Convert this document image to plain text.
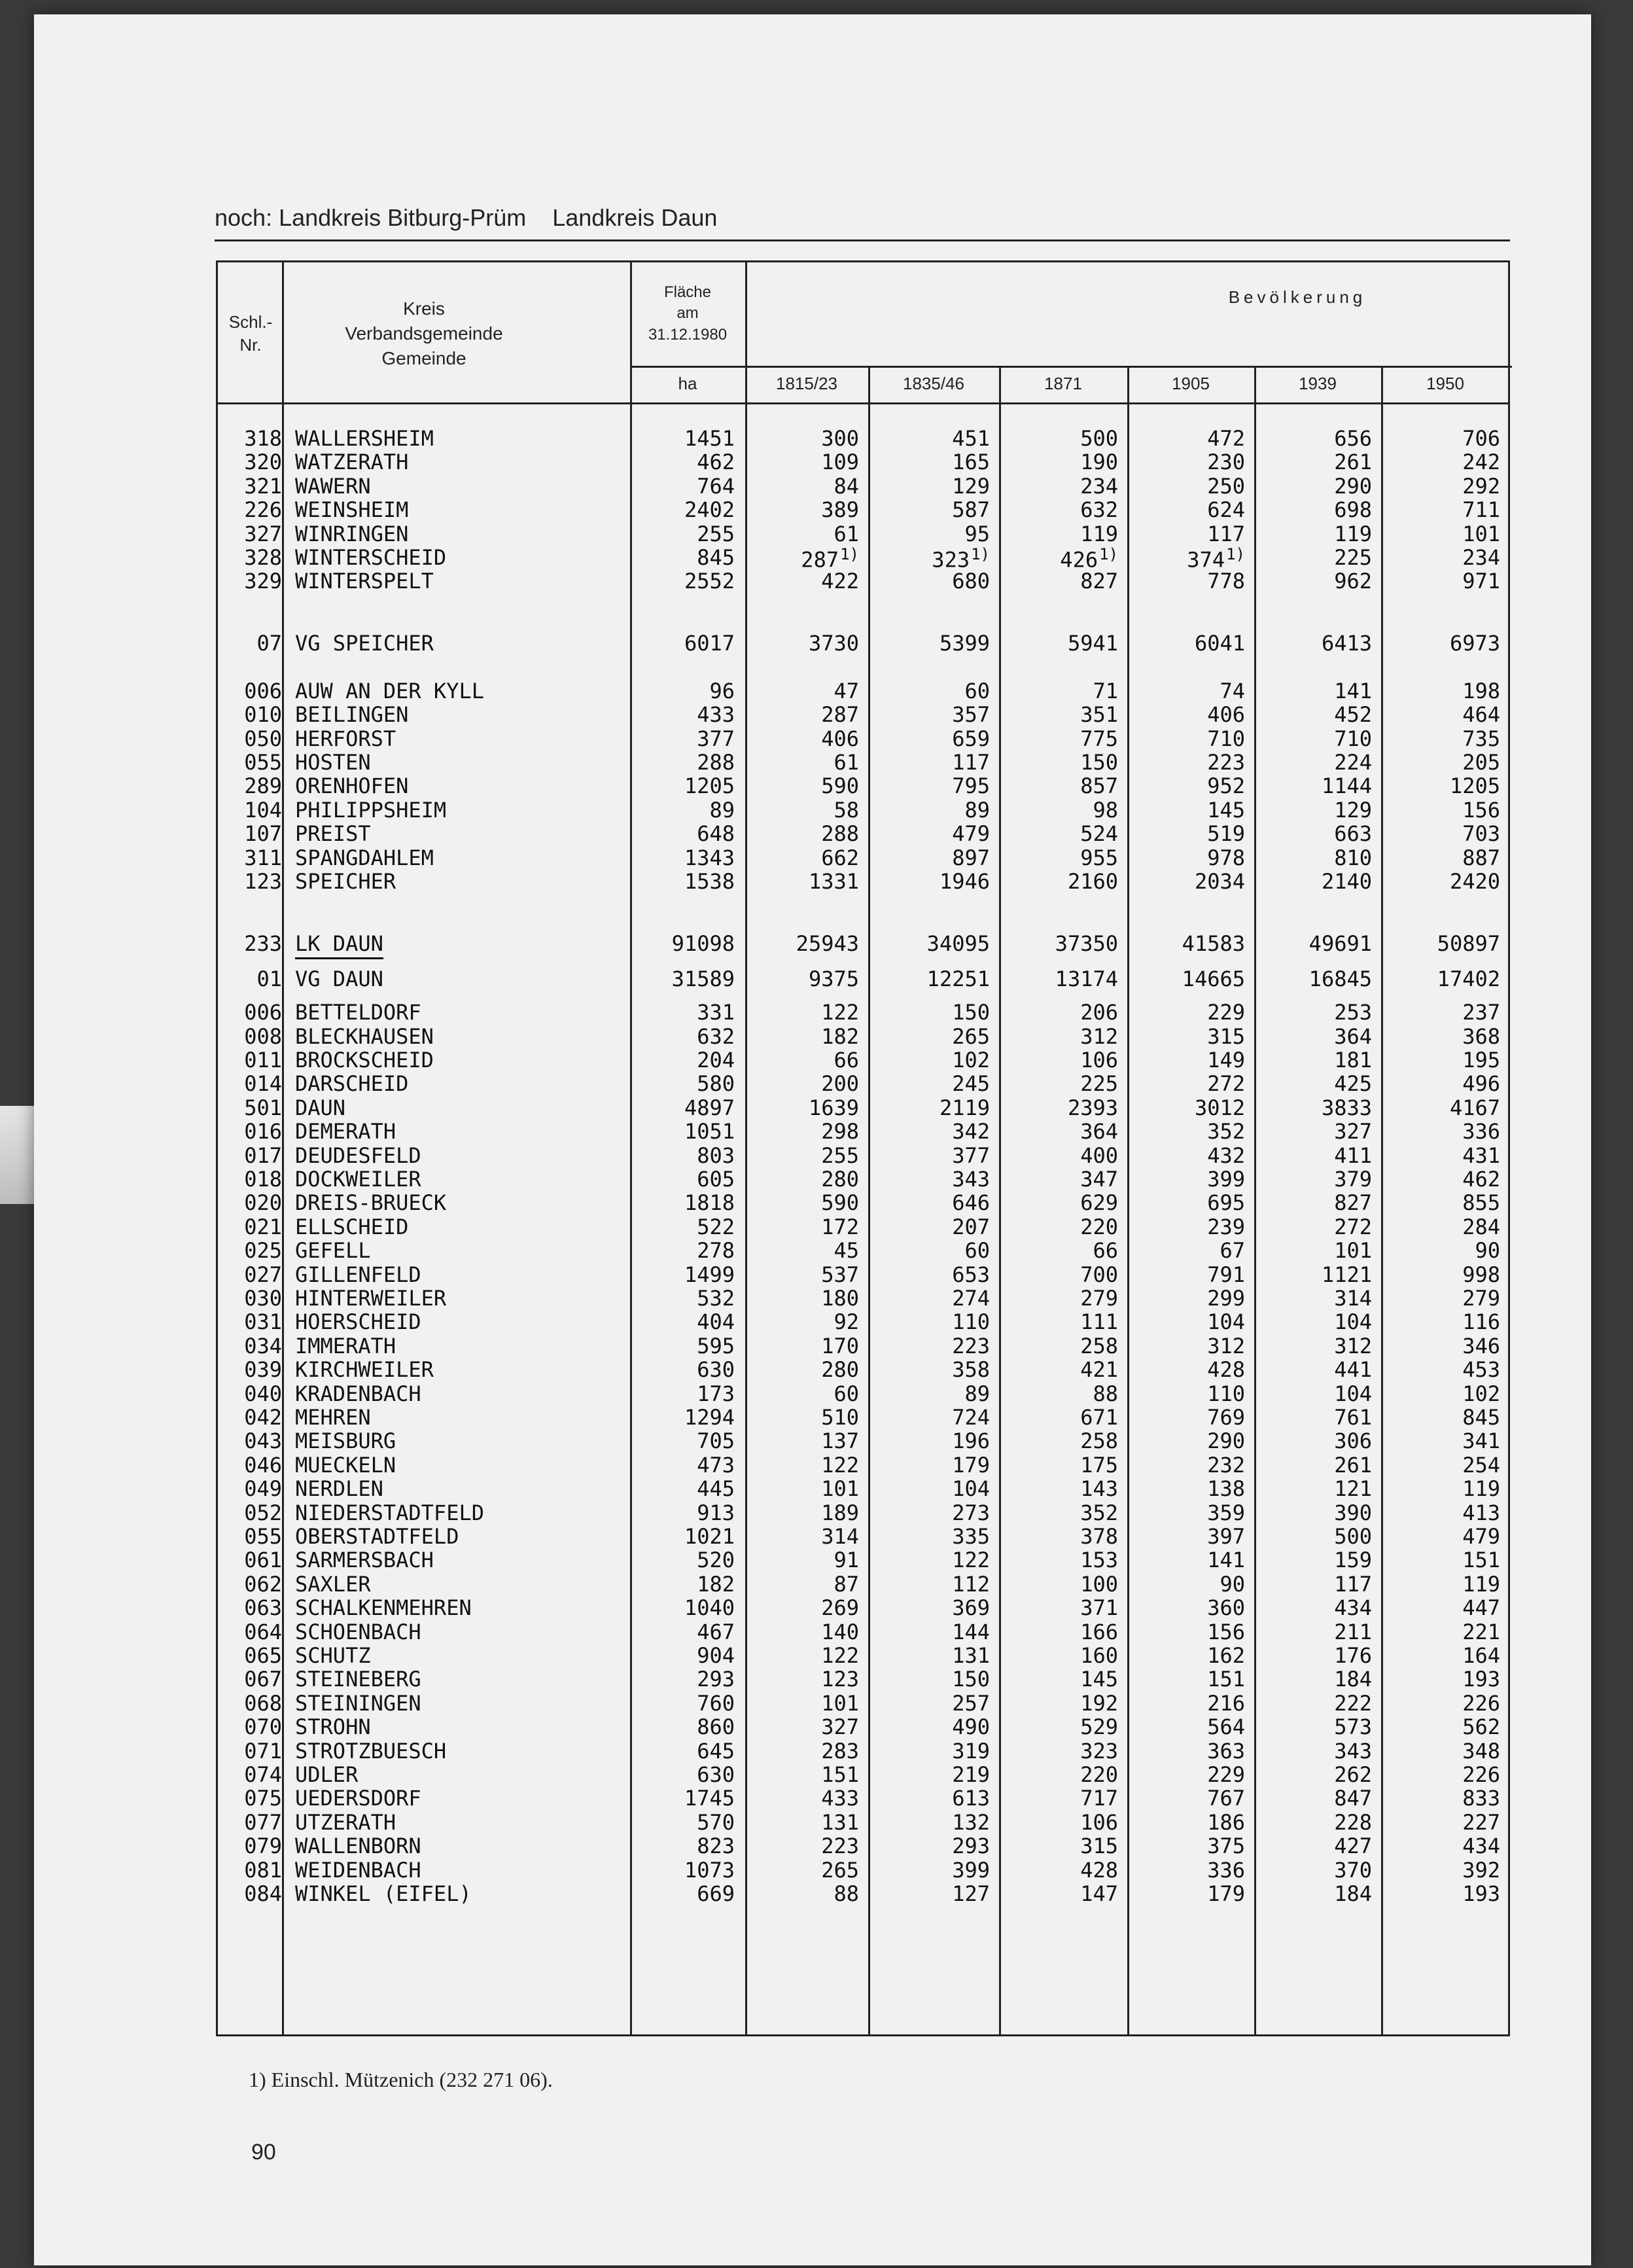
noch: Landkreis Bitburg-Prüm Landkreis Daun
Schl.-
Nr.
Kreis
Verbandsgemeinde
Gemeinde
Fläche
am
31.12.1980
ha
Bevölkerung
1815/23	1835/46	1871	1905	1939	1950
318 WALLERSHEIM	1451	300	451	500	472	656	706
320 WATZERATH	462	109	165	190	230	261	242
321 WAWERN	764	84	129	234	250	290	292
226 WEINSHEIM	2402	389	587	632	624	698	711
327 WINRINGEN	255	61	95	119	117	119	101
328 WINTERSCHEID	845	287$^{1)}$	323$^{1)}$	426$^{1)}$	374$^{1)}$	225	234
329 WINTERSPELT	2552	422	680	827	778	962	971
07 VG SPEICHER	6017	3730	5399	5941	6041	6413	6973
006 AUW AN DER KYLL	96	47	60	71	74	141	198
010 BEILINGEN	433	287	357	351	406	452	464
050 HERFORST	377	406	659	775	710	710	735
055 HOSTEN	288	61	117	150	223	224	205
289 ORENHOFEN	1205	590	795	857	952	1144	1205
104 PHILIPPSHEIM	89	58	89	98	145	129	156
107 PREIST	648	288	479	524	519	663	703
311 SPANGDAHLEM	1343	662	897	955	978	810	887
123 SPEICHER	1538	1331	1946	2160	2034	2140	2420
233 LK DAUN	91098	25943	34095	37350	41583	49691	50897
01 VG DAUN	31589	9375	12251	13174	14665	16845	17402
006 BETTELDORF	331	122	150	206	229	253	237
008 BLECKHAUSEN	632	182	265	312	315	364	368
011 BROCKSCHEID	204	66	102	106	149	181	195
014 DARSCHEID	580	200	245	225	272	425	496
501 DAUN	4897	1639	2119	2393	3012	3833	4167
016 DEMERATH	1051	298	342	364	352	327	336
017 DEUDESFELD	803	255	377	400	432	411	431
018 DOCKWEILER	605	280	343	347	399	379	462
020 DREIS-BRUECK	1818	590	646	629	695	827	855
021 ELLSCHEID	522	172	207	220	239	272	284
025 GEFELL	278	45	60	66	67	101	90
027 GILLENFELD	1499	537	653	700	791	1121	998
030 HINTERWEILER	532	180	274	279	299	314	279
031 HOERSCHEID	404	92	110	111	104	104	116
034 IMMERATH	595	170	223	258	312	312	346
039 KIRCHWEILER	630	280	358	421	428	441	453
040 KRADENBACH	173	60	89	88	110	104	102
042 MEHREN	1294	510	724	671	769	761	845
043 MEISBURG	705	137	196	258	290	306	341
046 MUECKELN	473	122	179	175	232	261	254
049 NERDLEN	445	101	104	143	138	121	119
052 NIEDERSTADTFELD	913	189	273	352	359	390	413
055 OBERSTADTFELD	1021	314	335	378	397	500	479
061 SARMERSBACH	520	91	122	153	141	159	151
062 SAXLER	182	87	112	100	90	117	119
063 SCHALKENMEHREN	1040	269	369	371	360	434	447
064 SCHOENBACH	467	140	144	166	156	211	221
065 SCHUTZ	904	122	131	160	162	176	164
067 STEINEBERG	293	123	150	145	151	184	193
068 STEININGEN	760	101	257	192	216	222	226
070 STROHN	860	327	490	529	564	573	562
071 STROTZBUESCH	645	283	319	323	363	343	348
074 UDLER	630	151	219	220	229	262	226
075 UEDERSDORF	1745	433	613	717	767	847	833
077 UTZERATH	570	131	132	106	186	228	227
079 WALLENBORN	823	223	293	315	375	427	434
081 WEIDENBACH	1073	265	399	428	336	370	392
084 WINKEL (EIFEL)	669	88	127	147	179	184	193
1) Einschl. Mützenich (232 271 06).
90
